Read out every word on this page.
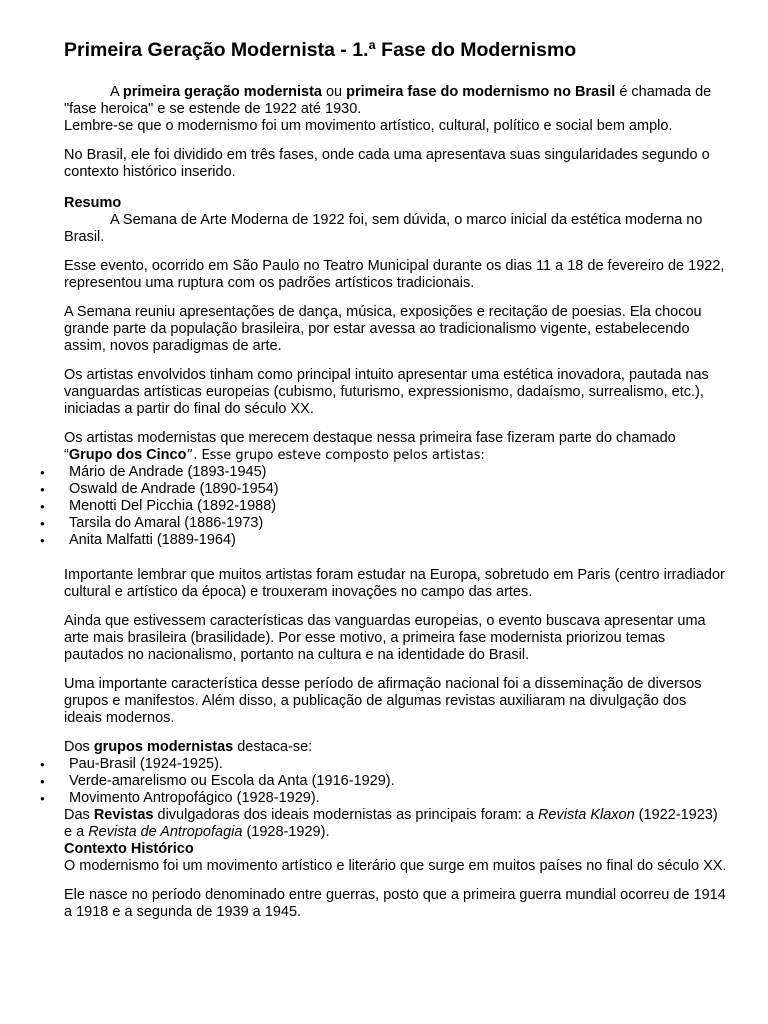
Primeira Geração Modernista - 1.ª Fase do Modernismo

A primeira geração modernista ou primeira fase do modernismo no Brasil é chamada de "fase heroica" e se estende de 1922 até 1930.
Lembre-se que o modernismo foi um movimento artístico, cultural, político e social bem amplo.

No Brasil, ele foi dividido em três fases, onde cada uma apresentava suas singularidades segundo o contexto histórico inserido.

Resumo

A Semana de Arte Moderna de 1922 foi, sem dúvida, o marco inicial da estética moderna no Brasil.

Esse evento, ocorrido em São Paulo no Teatro Municipal durante os dias 11 a 18 de fevereiro de 1922, representou uma ruptura com os padrões artísticos tradicionais.

A Semana reuniu apresentações de dança, música, exposições e recitação de poesias. Ela chocou grande parte da população brasileira, por estar avessa ao tradicionalismo vigente, estabelecendo assim, novos paradigmas de arte.

Os artistas envolvidos tinham como principal intuito apresentar uma estética inovadora, pautada nas vanguardas artísticas europeias (cubismo, futurismo, expressionismo, dadaísmo, surrealismo, etc.), iniciadas a partir do final do século XX.

Os artistas modernistas que merecem destaque nessa primeira fase fizeram parte do chamado “Grupo dos Cinco”. Esse grupo esteve composto pelos artistas:

● Mário de Andrade (1893-1945)
● Oswald de Andrade (1890-1954)
● Menotti Del Picchia (1892-1988)
● Tarsila do Amaral (1886-1973)
● Anita Malfatti (1889-1964)

Importante lembrar que muitos artistas foram estudar na Europa, sobretudo em Paris (centro irradiador cultural e artístico da época) e trouxeram inovações no campo das artes.

Ainda que estivessem características das vanguardas europeias, o evento buscava apresentar uma arte mais brasileira (brasilidade). Por esse motivo, a primeira fase modernista priorizou temas pautados no nacionalismo, portanto na cultura e na identidade do Brasil.

Uma importante característica desse período de afirmação nacional foi a disseminação de diversos grupos e manifestos. Além disso, a publicação de algumas revistas auxiliaram na divulgação dos ideais modernos.

Dos grupos modernistas destaca-se:

● Pau-Brasil (1924-1925).
● Verde-amarelismo ou Escola da Anta (1916-1929).
● Movimento Antropofágico (1928-1929).

Das Revistas divulgadoras dos ideais modernistas as principais foram: a Revista Klaxon (1922-1923) e a Revista de Antropofagia (1928-1929).

Contexto Histórico

O modernismo foi um movimento artístico e literário que surge em muitos países no final do século XX.

Ele nasce no período denominado entre guerras, posto que a primeira guerra mundial ocorreu de 1914 a 1918 e a segunda de 1939 a 1945.
